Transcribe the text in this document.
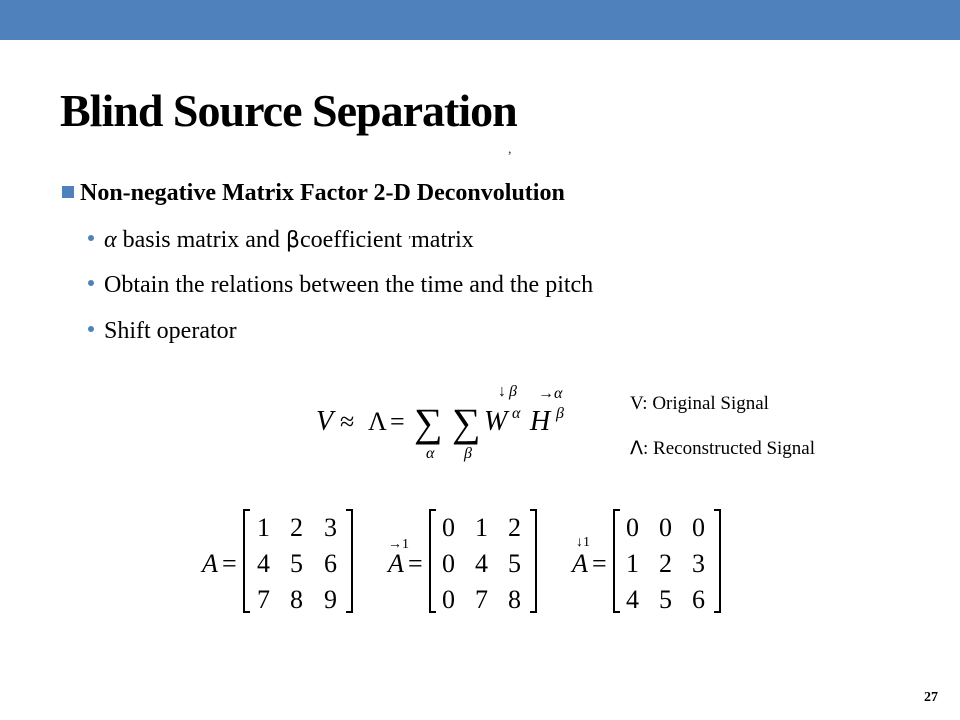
Blind Source Separation
,
Non-negative Matrix Factor 2-D Deconvolution
α basis matrix and βcoefficient ,matrix
Obtain the relations between the time and the pitch
Shift operator
V ≈ Λ = ∑
α
∑
β
W α
↓ β
H β
→ α	V: Original Signal
Λ: Reconstructed Signal
A =
1 2 3
4 5 6
7 8 9
→1
A =
0 1 2
0 4 5
0 7 8
↓1
A =
0 0 0
1 2 3
4 5 6
27
